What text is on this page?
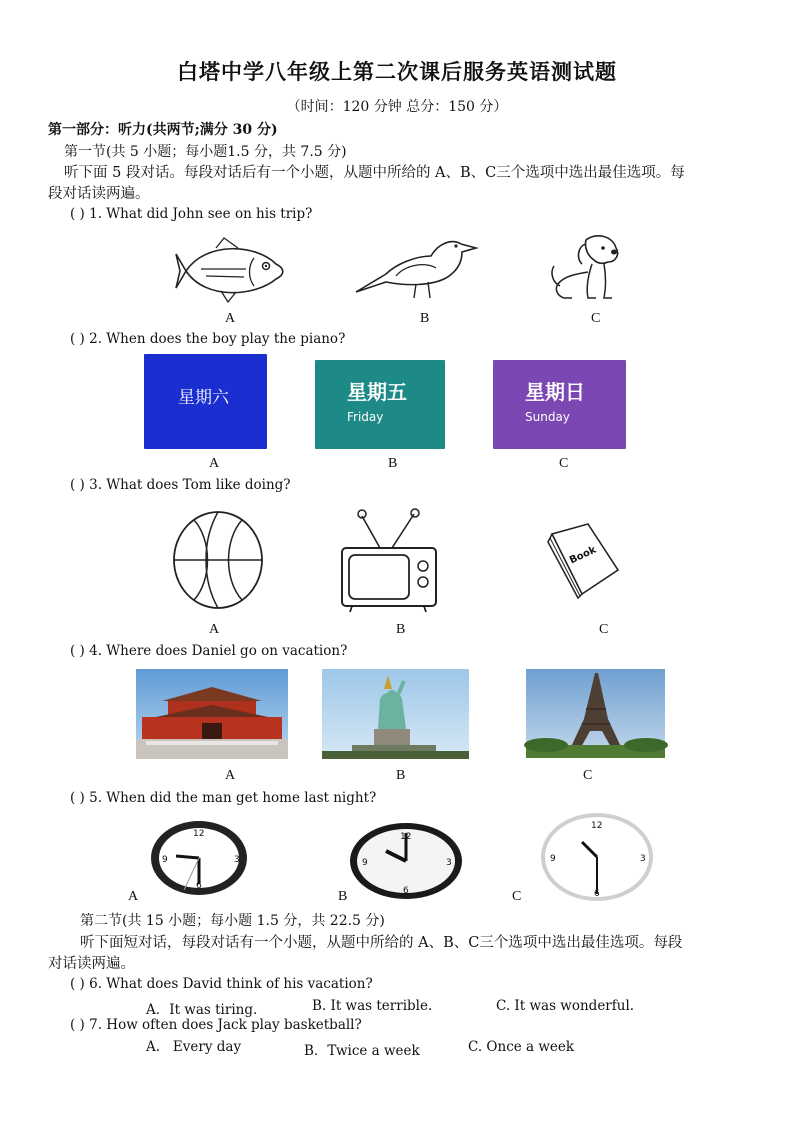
白塔中学八年级上第二次课后服务英语测试题
（时间：120 分钟 总分：150 分）
第一部分：听力(共两节;满分 30 分)
第一节(共 5 小题；每小题1.5 分，共 7.5 分)
听下面 5 段对话。每段对话后有一个小题，从题中所给的 A、B、C三个选项中选出最佳选项。每
段对话读两遍。
( ) 1. What did John see on his trip?
A	B	C
( ) 2. When does the boy play the piano?
星期六	星期五
Friday
星期日
Sunday
A	B	C
( ) 3. What does Tom like doing?
Book
A	B	C
( ) 4. Where does Daniel go on vacation?
A	B	C
( ) 5. When did the man get home last night?
12
3
6
9
12
3
6
9
12
3
6
9
A	B	C
第二节(共 15 小题；每小题 1.5 分，共 22.5 分)
听下面短对话，每段对话有一个小题，从题中所给的 A、B、C三个选项中选出最佳选项。每段
对话读两遍。
( ) 6. What does David think of his vacation?
A．It was tiring.	B. It was terrible.	C. It was wonderful.
( ) 7. How often does Jack play basketball?
A.   Every day	B．Twice a week	C. Once a week
